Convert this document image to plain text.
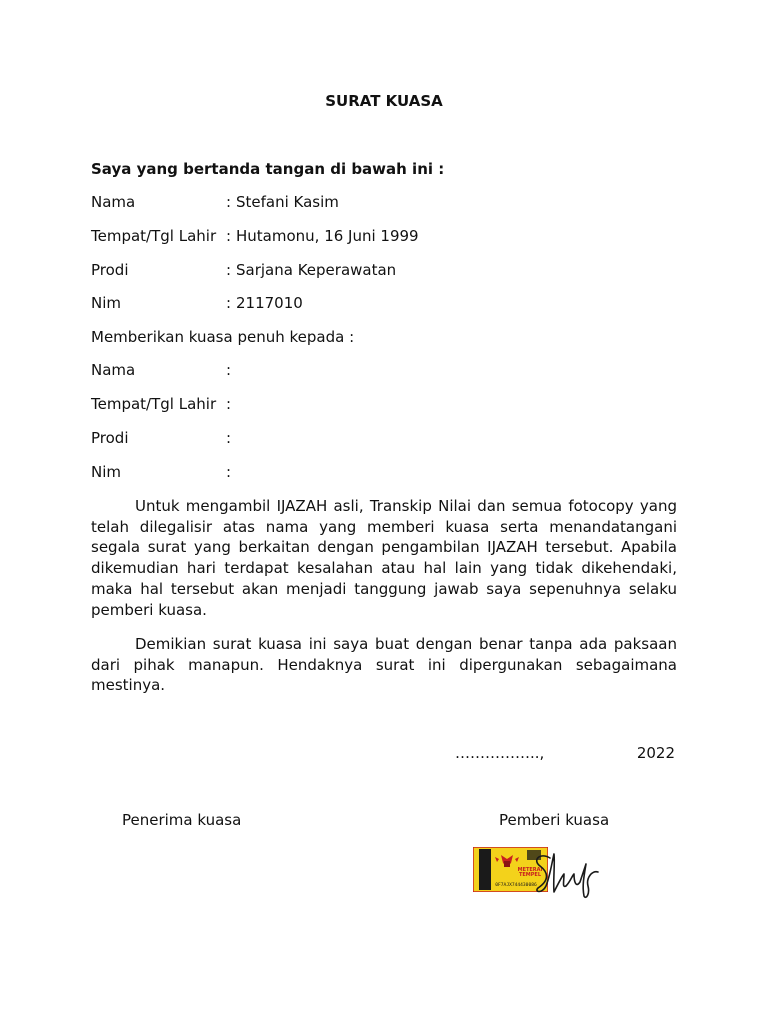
SURAT KUASA
Saya yang bertanda tangan di bawah ini :
Nama	: Stefani Kasim
Tempat/Tgl Lahir : Hutamonu, 16 Juni 1999
Prodi	: Sarjana Keperawatan
Nim	: 2117010
Memberikan kuasa penuh kepada :
Nama	:
Tempat/Tgl Lahir :
Prodi	:
Nim	:

Untuk mengambil IJAZAH asli, Transkip Nilai dan semua fotocopy yang telah dilegalisir atas nama yang memberi kuasa serta menandatangani segala surat yang berkaitan dengan pengambilan IJAZAH tersebut. Apabila dikemudian hari terdapat kesalahan atau hal lain yang tidak dikehendaki, maka hal tersebut akan menjadi tanggung jawab saya sepenuhnya selaku pemberi kuasa.

Demikian surat kuasa ini saya buat dengan benar tanpa ada paksaan dari pihak manapun. Hendaknya surat ini dipergunakan sebagaimana mestinya.

……………..,	2022
Penerima kuasa	Pemberi kuasa
METERAI
TEMPEL
0F7AJX744430086
